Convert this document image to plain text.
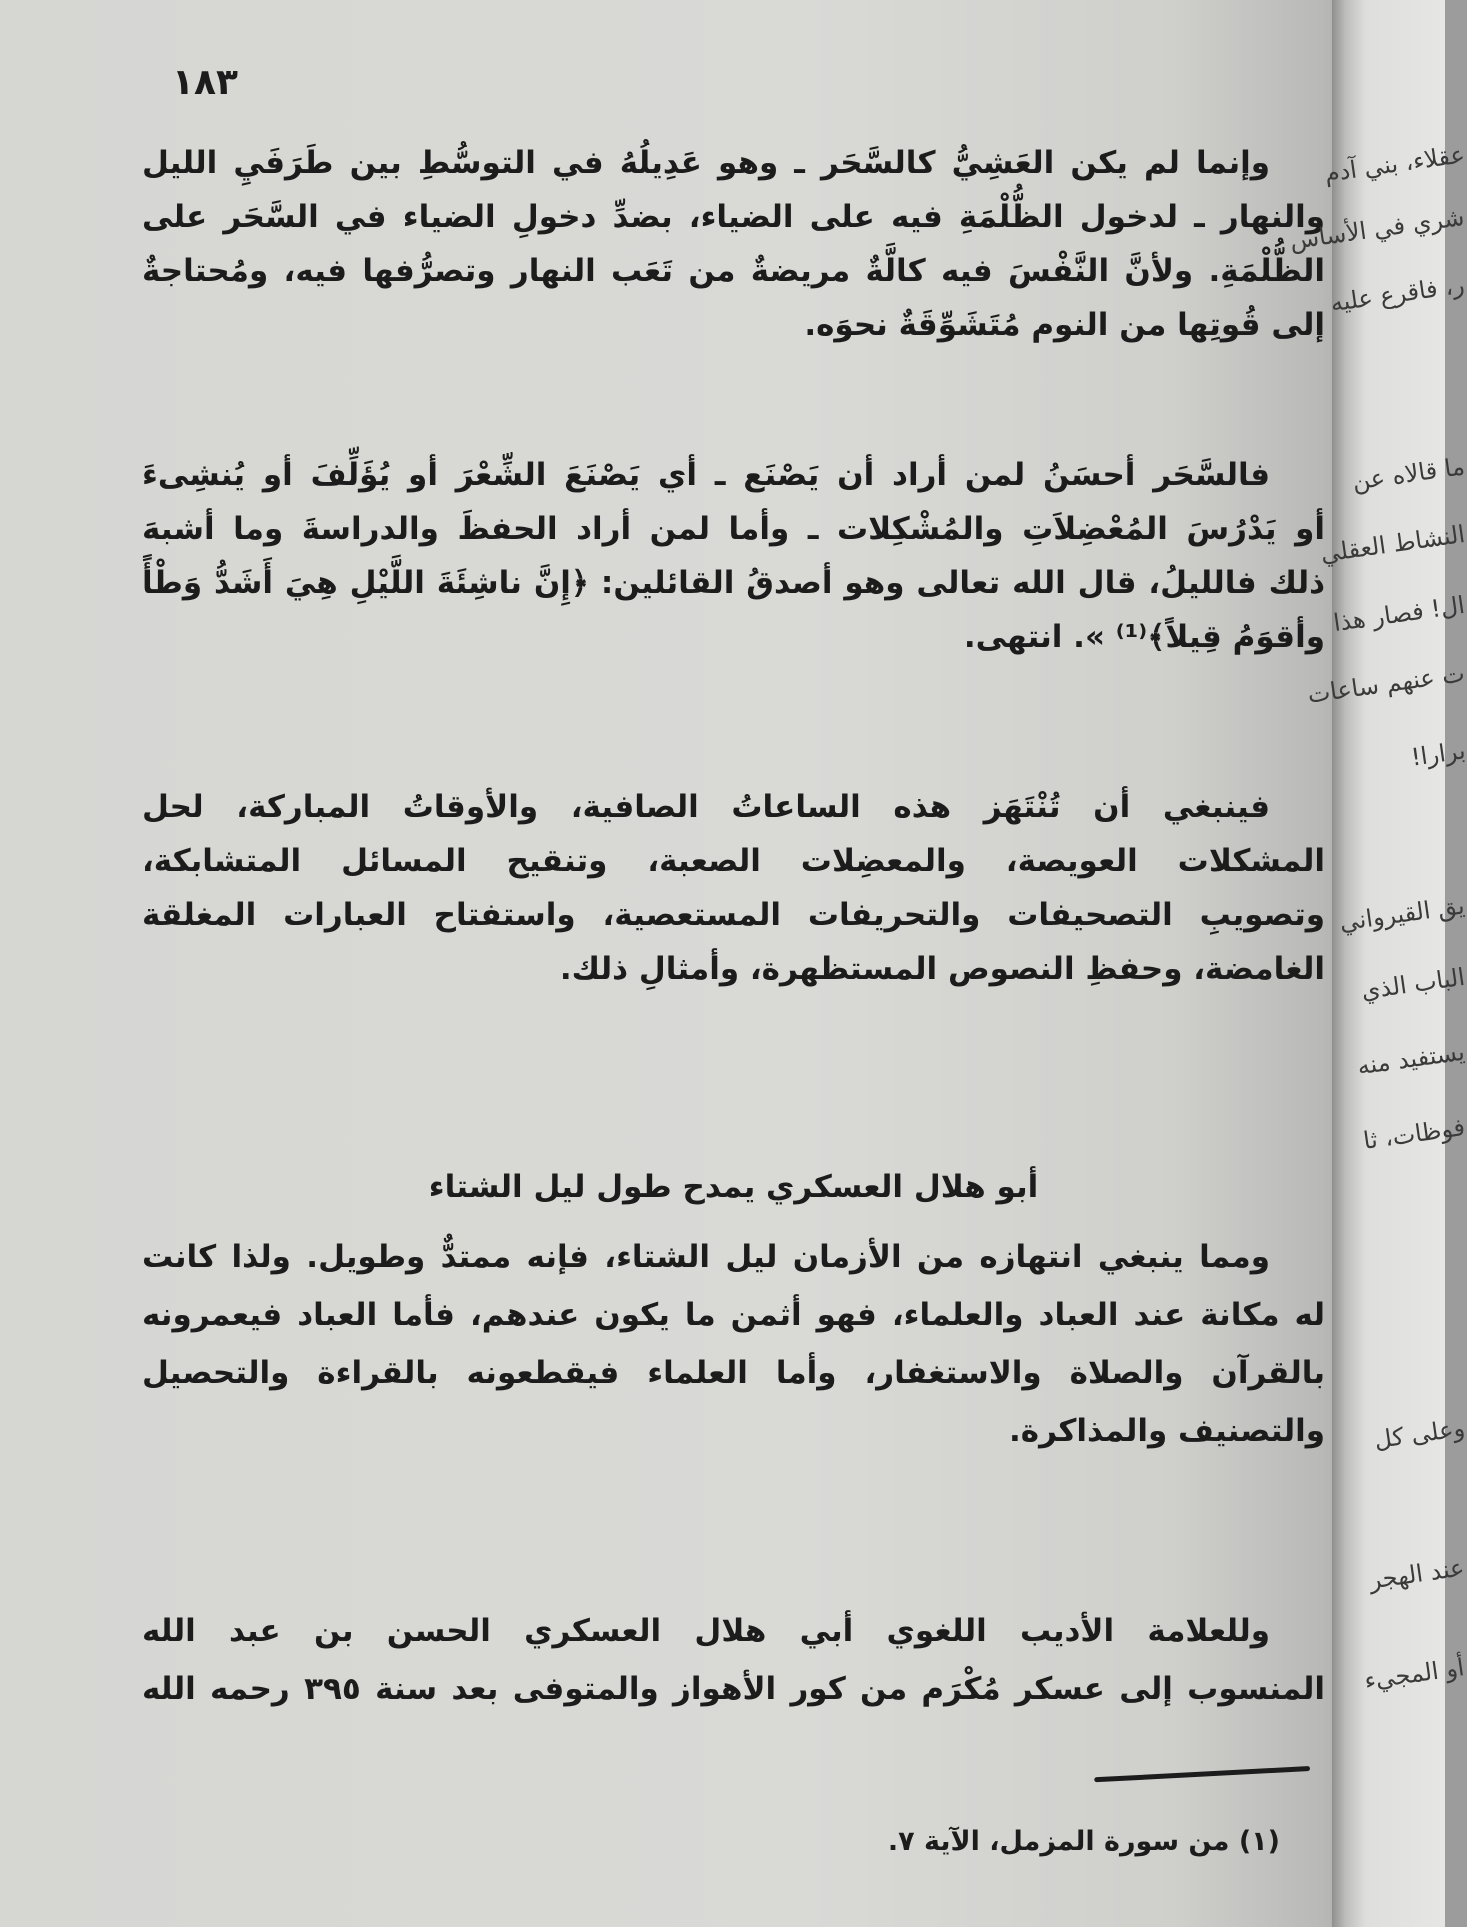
١٨٣
وإنما لم يكن العَشِيُّ كالسَّحَر ـ وهو عَدِيلُهُ في التوسُّطِ بين طَرَفَيِ الليل
والنهار ـ لدخول الظُّلْمَةِ فيه على الضياء، بضدِّ دخولِ الضياء في السَّحَر على
الظُّلْمَةِ. ولأنَّ النَّفْسَ فيه كالَّةٌ مريضةٌ من تَعَب النهار وتصرُّفها فيه، ومُحتاجةٌ
إلى قُوتِها من النوم مُتَشَوِّقَةٌ نحوَه.
فالسَّحَر أحسَنُ لمن أراد أن يَصْنَع ـ أي يَصْنَعَ الشِّعْرَ أو يُؤَلِّفَ أو يُنشِىءَ
أو يَدْرُسَ المُعْضِلاَتِ والمُشْكِلات ـ وأما لمن أراد الحفظَ والدراسةَ وما أشبهَ
ذلك فالليلُ، قال الله تعالى وهو أصدقُ القائلين: ﴿إِنَّ ناشِئَةَ اللَّيْلِ هِيَ أَشَدُّ وَطْأً
وأقوَمُ قِيلاً﴾⁽¹⁾ ». انتهى.
فينبغي أن تُنْتَهَز هذه الساعاتُ الصافية، والأوقاتُ المباركة، لحل
المشكلات العويصة، والمعضِلات الصعبة، وتنقيح المسائل المتشابكة،
وتصويبِ التصحيفات والتحريفات المستعصية، واستفتاح العبارات المغلقة
الغامضة، وحفظِ النصوص المستظهرة، وأمثالِ ذلك.
أبو هلال العسكري يمدح طول ليل الشتاء
ومما ينبغي انتهازه من الأزمان ليل الشتاء، فإنه ممتدٌّ وطويل. ولذا كانت
له مكانة عند العباد والعلماء، فهو أثمن ما يكون عندهم، فأما العباد فيعمرونه
بالقرآن والصلاة والاستغفار، وأما العلماء فيقطعونه بالقراءة والتحصيل
والتصنيف والمذاكرة.
وللعلامة الأديب اللغوي أبي هلال العسكري الحسن بن عبد الله
المنسوب إلى عسكر مُكْرَم من كور الأهواز والمتوفى بعد سنة ٣٩٥ رحمه الله
(١) من سورة المزمل، الآية ٧.
عقلاء، بني آدم
شري في الأساس
ر، فاقرع عليه
ما قالاه عن
النشاط العقلي
ال! فصار هذا
ت عنهم ساعات
برارا!
يق القيرواني
الباب الذي
يستفيد منه
فوظات، ثا
وعلى كل
عند الهجر
أو المجيء
